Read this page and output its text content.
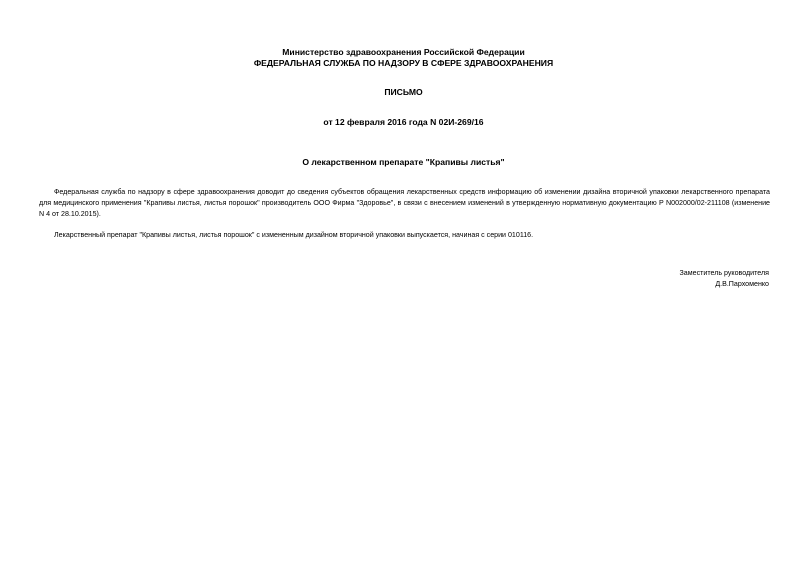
Министерство здравоохранения Российской Федерации
ФЕДЕРАЛЬНАЯ СЛУЖБА ПО НАДЗОРУ В СФЕРЕ ЗДРАВООХРАНЕНИЯ
ПИСЬМО
от 12 февраля 2016 года N 02И-269/16
О лекарственном препарате "Крапивы листья"

Федеральная служба по надзору в сфере здравоохранения доводит до сведения субъектов обращения лекарственных средств информацию об изменении дизайна вторичной упаковки лекарственного препарата для медицинского применения "Крапивы листья, листья порошок" производитель ООО Фирма "Здоровье", в связи с внесением изменений в утвержденную нормативную документацию Р N002000/02-211108 (изменение N 4 от 28.10.2015).

Лекарственный препарат "Крапивы листья, листья порошок" с измененным дизайном вторичной упаковки выпускается, начиная с серии 010116.

Заместитель руководителя
Д.В.Пархоменко
